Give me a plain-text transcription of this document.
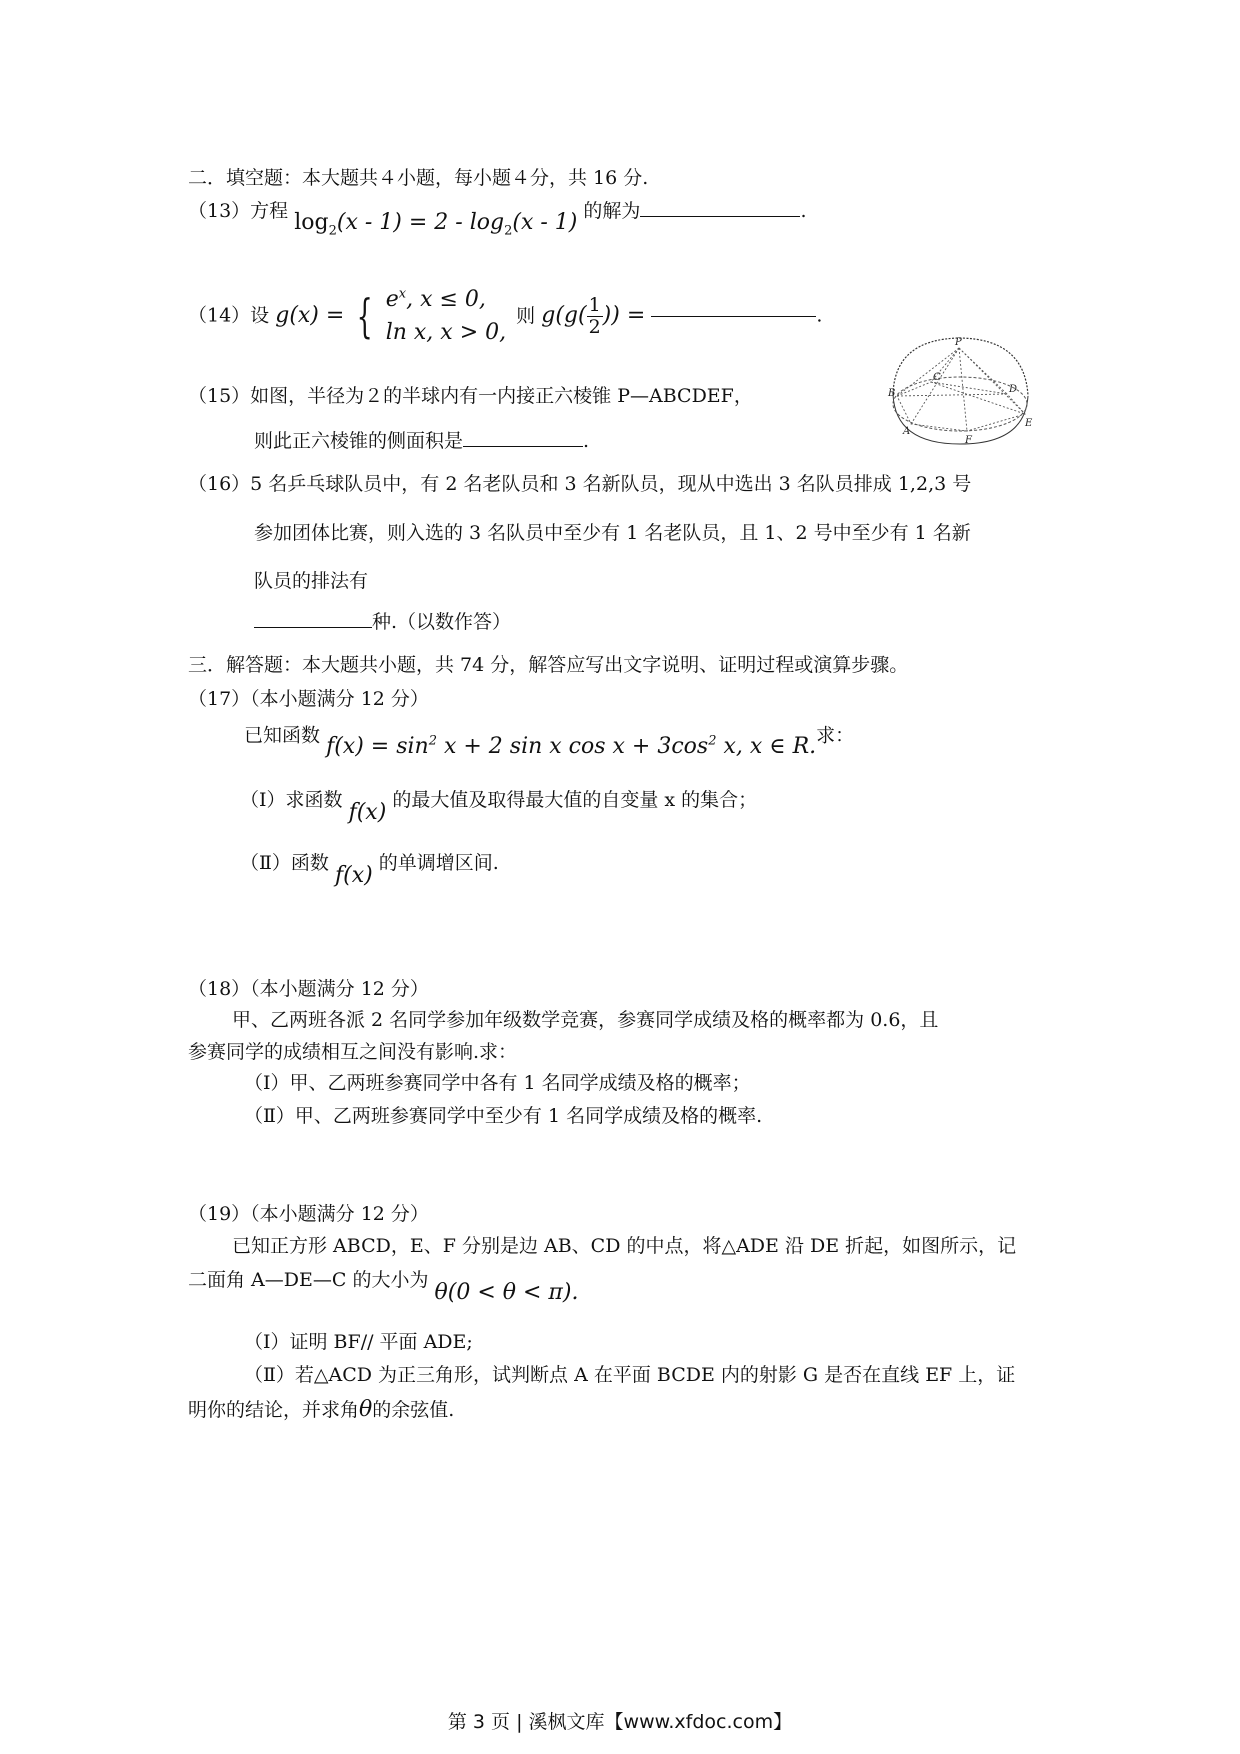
二．填空题：本大题共４小题，每小题４分，共 16 分.
（13）方程 $\log_2(x - 1) = 2 - \log_2(x - 1)$ 的解为	.
（14）设 g(x) = { $e^x$, x ≤ 0,
ln x, x > 0,
则 $g(g( \frac{1}{2}$ )) =	.
（15）如图，半径为２的半球内有一内接正六棱锥 P—ABCDEF，
则此正六棱锥的侧面积是	.
P
B
C
D
A
F
E
（16）5 名乒乓球队员中，有 2 名老队员和 3 名新队员，现从中选出 3 名队员排成 1,2,3 号
参加团体比赛，则入选的 3 名队员中至少有 1 名老队员，且 1、2 号中至少有 1 名新
队员的排法有
种.（以数作答）
三．解答题：本大题共小题，共 74 分，解答应写出文字说明、证明过程或演算步骤。
（17）（本小题满分 12 分）
已知函数 $f(x) = \sin^2 x + 2$ sin x $\cos x + 3\cos^2$ x, x ∈ R.求：
（Ⅰ）求函数 f(x) 的最大值及取得最大值的自变量 x 的集合；
（Ⅱ）函数 f(x) 的单调增区间.
（18）（本小题满分 12 分）
甲、乙两班各派 2 名同学参加年级数学竞赛，参赛同学成绩及格的概率都为 0.6，且
参赛同学的成绩相互之间没有影响.求：
（Ⅰ）甲、乙两班参赛同学中各有 1 名同学成绩及格的概率；
（Ⅱ）甲、乙两班参赛同学中至少有 1 名同学成绩及格的概率.
（19）（本小题满分 12 分）
已知正方形 ABCD，E、F 分别是边 AB、CD 的中点，将△ADE 沿 DE 折起，如图所示，记
二面角 A—DE—C 的大小为 θ(0 < θ < π).
（Ⅰ）证明 BF// 平面 ADE;
（Ⅱ）若△ACD 为正三角形，试判断点 A 在平面 BCDE 内的射影 G 是否在直线 EF 上，证
明你的结论，并求角θ的余弦值.
第 3 页 | 溪枫文库【www.xfdoc.com】
